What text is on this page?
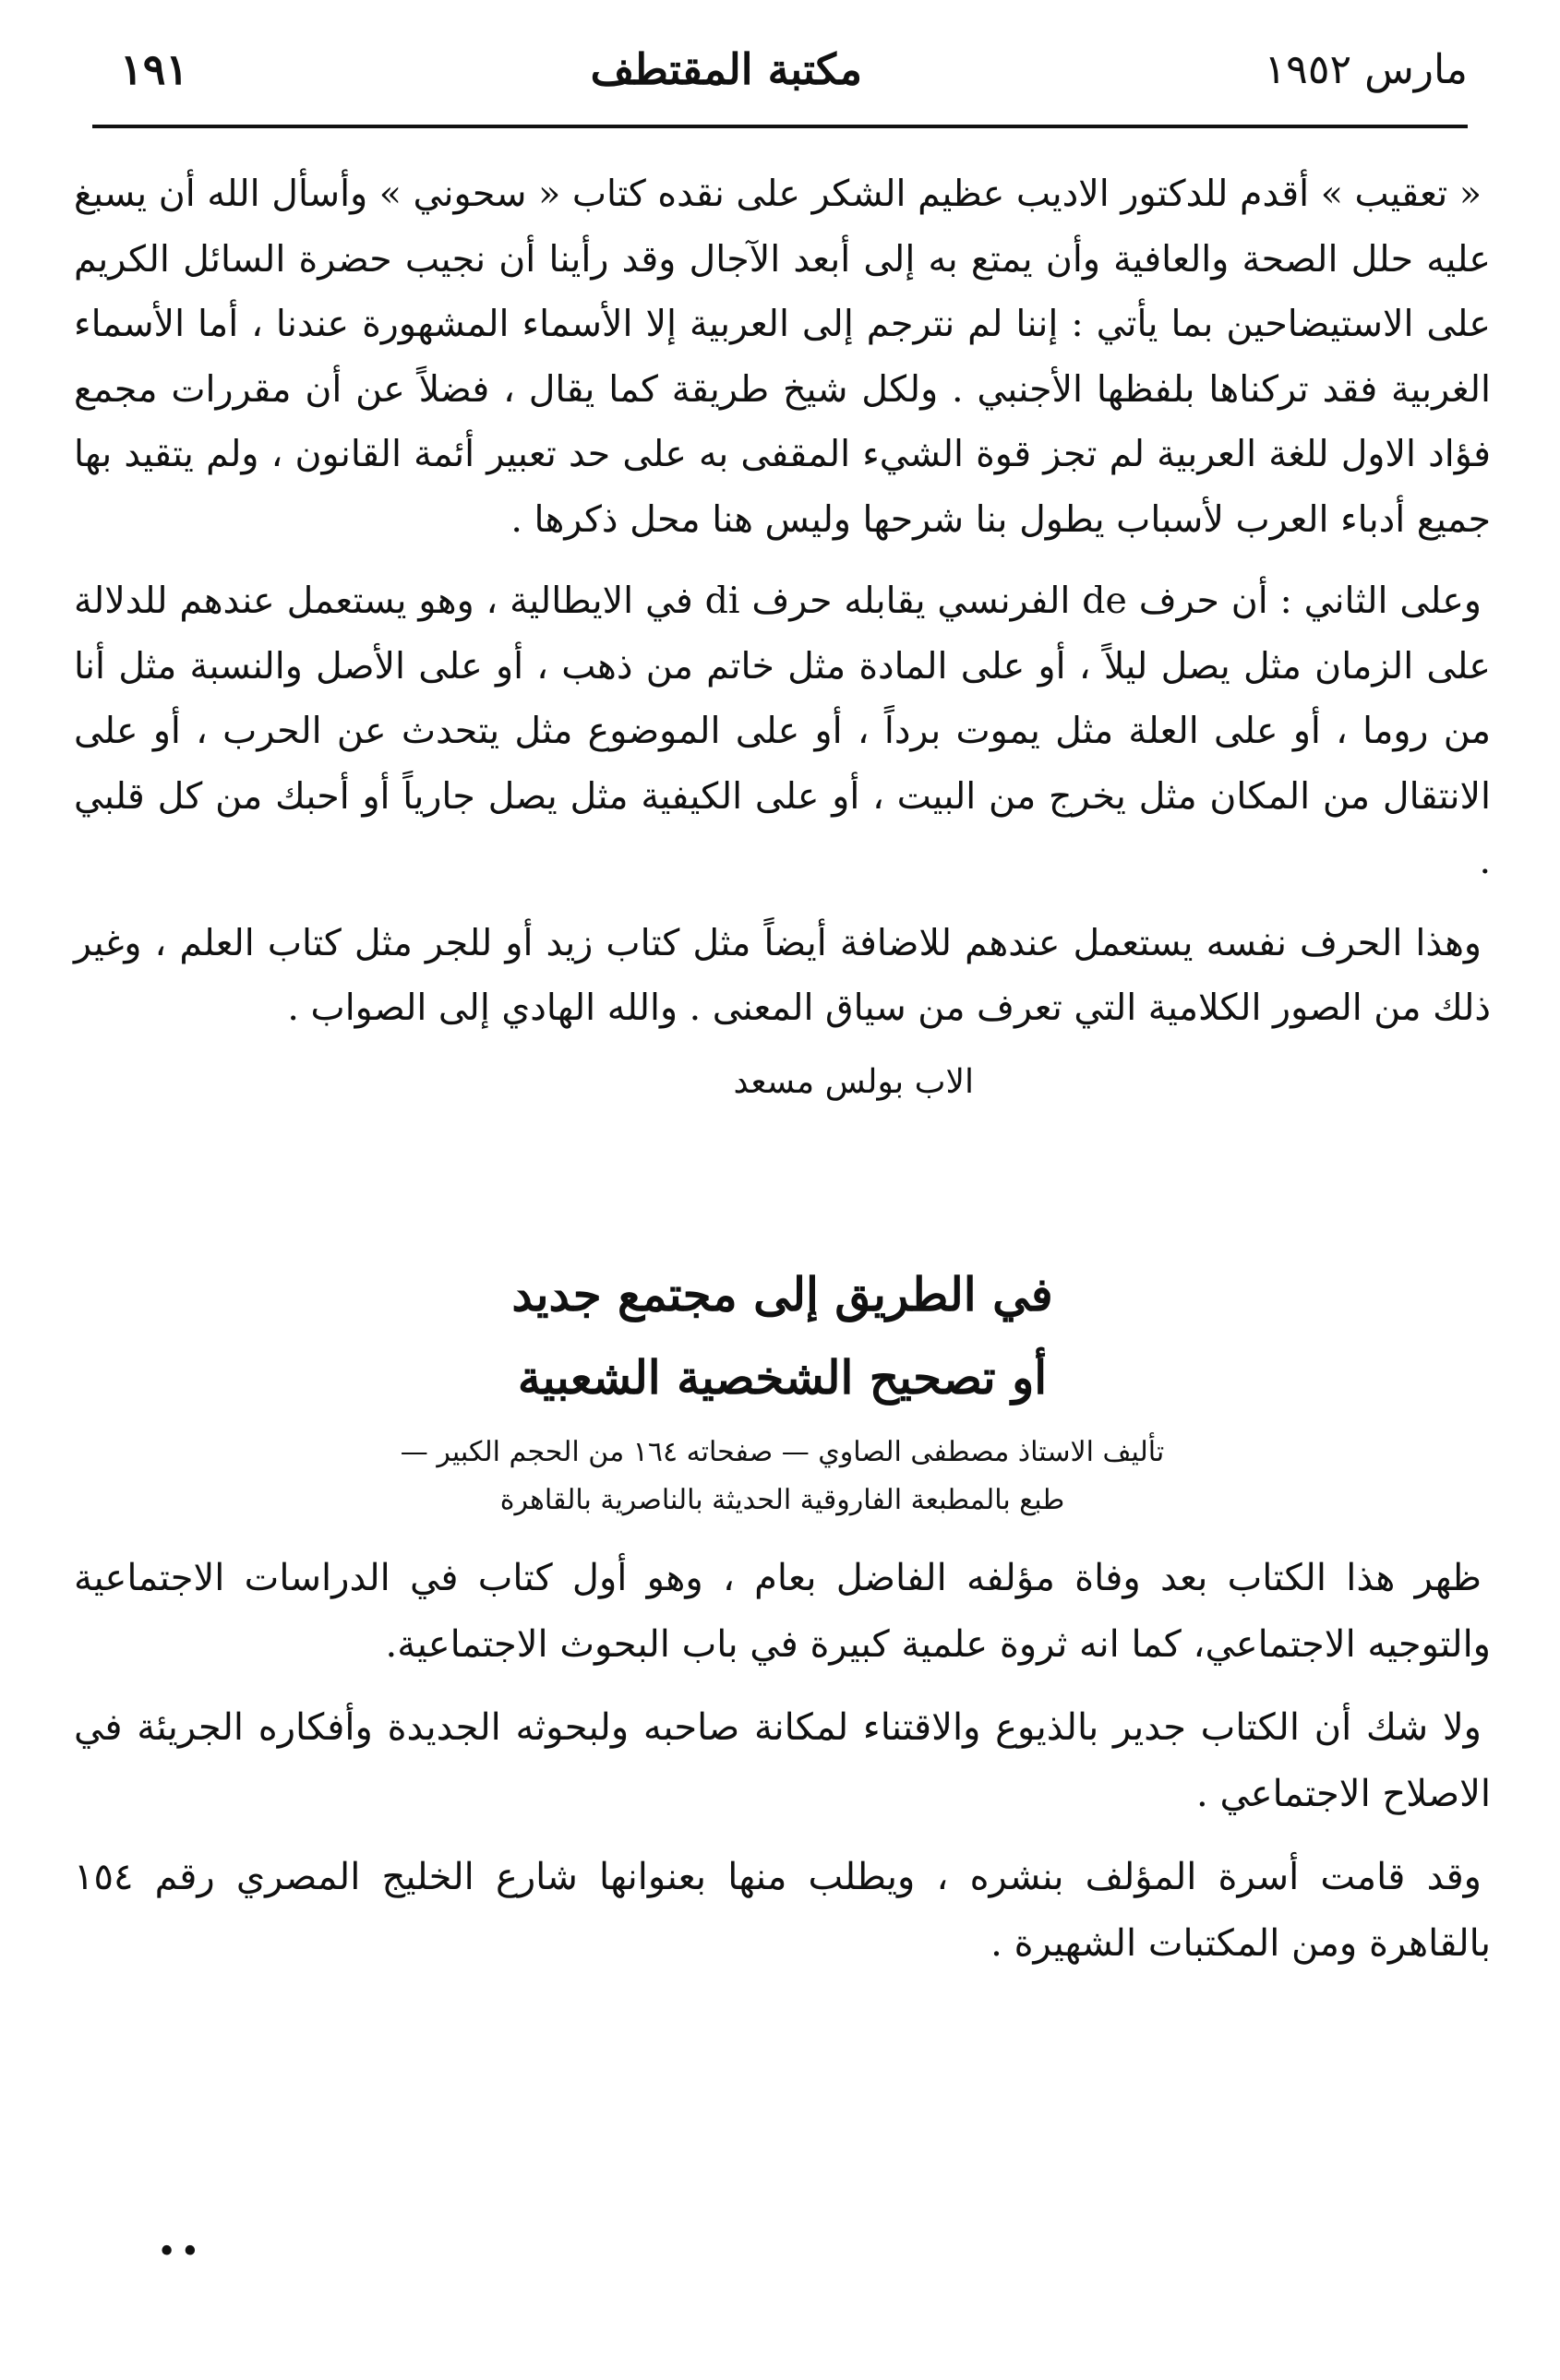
مارس ١٩٥٢
مكتبة المقتطف
١٩١

« تعقيب » أقدم للدكتور الاديب عظيم الشكر على نقده كتاب « سحوني » وأسأل الله أن يسبغ عليه حلل الصحة والعافية وأن يمتع به إلى أبعد الآجال وقد رأينا أن نجيب حضرة السائل الكريم على الاستيضاحين بما يأتي : إننا لم نترجم إلى العربية إلا الأسماء المشهورة عندنا ، أما الأسماء الغربية فقد تركناها بلفظها الأجنبي . ولكل شيخ طريقة كما يقال ، فضلاً عن أن مقررات مجمع فؤاد الاول للغة العربية لم تجز قوة الشيء المقفى به على حد تعبير أئمة القانون ، ولم يتقيد بها جميع أدباء العرب لأسباب يطول بنا شرحها وليس هنا محل ذكرها .

وعلى الثاني : أن حرف de الفرنسي يقابله حرف di في الايطالية ، وهو يستعمل عندهم للدلالة على الزمان مثل يصل ليلاً ، أو على المادة مثل خاتم من ذهب ، أو على الأصل والنسبة مثل أنا من روما ، أو على العلة مثل يموت برداً ، أو على الموضوع مثل يتحدث عن الحرب ، أو على الانتقال من المكان مثل يخرج من البيت ، أو على الكيفية مثل يصل جارياً أو أحبك من كل قلبي .

وهذا الحرف نفسه يستعمل عندهم للاضافة أيضاً مثل كتاب زيد أو للجر مثل كتاب العلم ، وغير ذلك من الصور الكلامية التي تعرف من سياق المعنى . والله الهادي إلى الصواب .

الاب بولس مسعد
في الطريق إلى مجتمع جديد
أو تصحيح الشخصية الشعبية
تأليف الاستاذ مصطفى الصاوي — صفحاته ١٦٤ من الحجم الكبير —
طبع بالمطبعة الفاروقية الحديثة بالناصرية بالقاهرة

ظهر هذا الكتاب بعد وفاة مؤلفه الفاضل بعام ، وهو أول كتاب في الدراسات الاجتماعية والتوجيه الاجتماعي، كما انه ثروة علمية كبيرة في باب البحوث الاجتماعية.

ولا شك أن الكتاب جدير بالذيوع والاقتناء لمكانة صاحبه ولبحوثه الجديدة وأفكاره الجريئة في الاصلاح الاجتماعي .

وقد قامت أسرة المؤلف بنشره ، ويطلب منها بعنوانها شارع الخليج المصري رقم ١٥٤ بالقاهرة ومن المكتبات الشهيرة .

••
